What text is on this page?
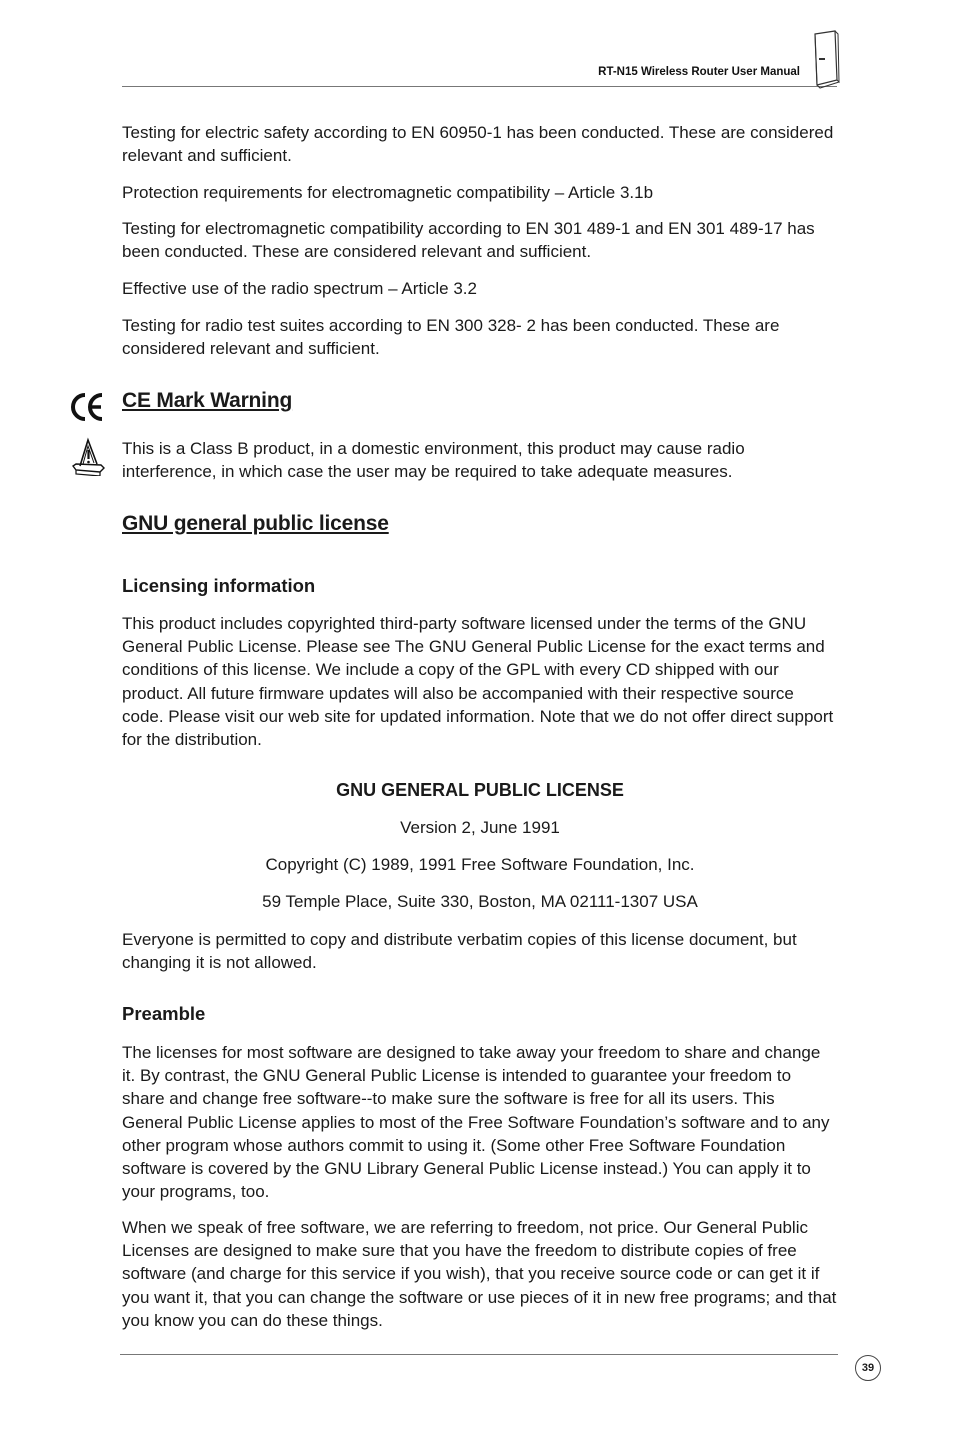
RT-N15 Wireless Router User Manual

Testing for electric safety according to EN 60950-1 has been conducted. These are considered relevant and sufficient.

Protection requirements for electromagnetic compatibility – Article 3.1b

Testing for electromagnetic compatibility according to EN 301 489-1 and EN 301 489-17 has been conducted. These are considered relevant and sufficient.

Effective use of the radio spectrum – Article 3.2

Testing for radio test suites according to EN 300 328- 2 has been conducted. These are considered relevant and sufficient.

CE Mark Warning

This is a Class B product, in a domestic environment, this product may cause radio interference, in which case the user may be required to take adequate measures.

GNU general public license
Licensing information

This product includes copyrighted third-party software licensed under the terms of the GNU General Public License. Please see The GNU General Public License for the exact terms and conditions of this license. We include a copy of the GPL with every CD shipped with our product. All future firmware updates will also be accompanied with their respective source code. Please visit our web site for updated information. Note that we do not offer direct support for the distribution.

GNU GENERAL PUBLIC LICENSE

Version 2, June 1991

Copyright (C) 1989, 1991 Free Software Foundation, Inc.

59 Temple Place, Suite 330, Boston, MA 02111-1307 USA

Everyone is permitted to copy and distribute verbatim copies of this license document, but changing it is not allowed.

Preamble

The licenses for most software are designed to take away your freedom to share and change it. By contrast, the GNU General Public License is intended to guarantee your freedom to share and change free software--to make sure the software is free for all its users. This General Public License applies to most of the Free Software Foundation’s software and to any other program whose authors commit to using it. (Some other Free Software Foundation software is covered by the GNU Library General Public License instead.) You can apply it to your programs, too.

When we speak of free software, we are referring to freedom, not price. Our General Public Licenses are designed to make sure that you have the freedom to distribute copies of free software (and charge for this service if you wish), that you receive source code or can get it if you want it, that you can change the software or use pieces of it in new free programs; and that you know you can do these things.

39
